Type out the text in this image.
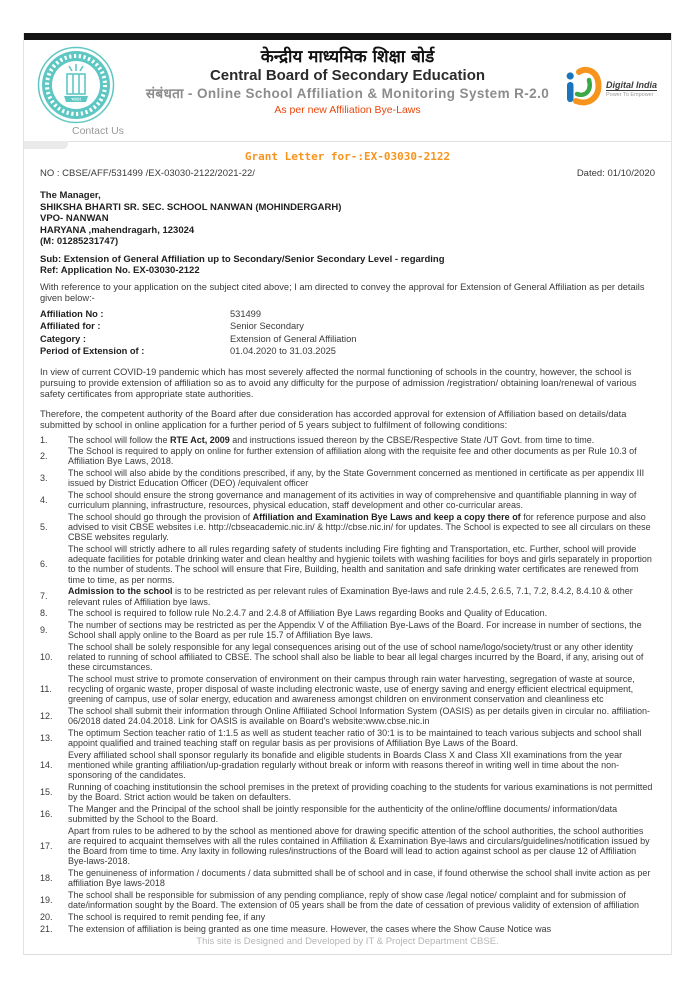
भारत
केन्द्रीय माध्यमिक शिक्षा बोर्ड
Central Board of Secondary Education
संबंधता - Online School Affiliation & Monitoring System R-2.0
As per new Affiliation Bye-Laws
Digital India
Power To Empower
Contact Us
Grant Letter for-:EX-03030-2122
NO : CBSE/AFF/531499 /EX-03030-2122/2021-22/	Dated: 01/10/2020
The Manager,
SHIKSHA BHARTI SR. SEC. SCHOOL NANWAN (MOHINDERGARH)
VPO- NANWAN
HARYANA ,mahendragarh, 123024
(M: 01285231747)
Sub: Extension of General Affiliation up to Secondary/Senior Secondary Level - regarding
Ref: Application No. EX-03030-2122
With reference to your application on the subject cited above; I am directed to convey the approval for Extension of General Affiliation as per details given below:-
Affiliation No :	531499
Affiliated for :	Senior Secondary
Category :	Extension of General Affiliation
Period of Extension of :	01.04.2020 to 31.03.2025
In view of current COVID-19 pandemic which has most severely affected the normal functioning of schools in the country, however, the school is pursuing to provide extension of affiliation so as to avoid any difficulty for the purpose of admission /registration/ obtaining loan/renewal of various safety certificates from appropriate state authorities.
Therefore, the competent authority of the Board after due consideration has accorded approval for extension of Affiliation based on details/data submitted by school in online application for a further period of 5 years subject to fulfilment of following conditions:
1.	The school will follow the RTE Act, 2009 and instructions issued thereon by the CBSE/Respective State /UT Govt. from time to time.
2.
The School is required to apply on online for further extension of affiliation along with the requisite fee and other documents as per Rule 10.3 of Affiliation Bye Laws, 2018.
3.
The school will also abide by the conditions prescribed, if any, by the State Government concerned as mentioned in certificate as per appendix III issued by District Education Officer (DEO) /equivalent officer
4.
The school should ensure the strong governance and management of its activities in way of comprehensive and quantifiable planning in way of curriculum planning, infrastructure, resources, physical education, staff development and other co-curricular areas.
5.
The school should go through the provision of Affiliation and Examination Bye Laws and keep a copy there of for reference purpose and also advised to visit CBSE websites i.e. http://cbseacademic.nic.in/ & http://cbse.nic.in/ for updates. The School is expected to see all circulars on these CBSE websites regularly.
6.
The school will strictly adhere to all rules regarding safety of students including Fire fighting and Transportation, etc. Further, school will provide adequate facilities for potable drinking water and clean healthy and hygienic toilets with washing facilities for boys and girls separately in proportion to the number of students. The school will ensure that Fire, Building, health and sanitation and safe drinking water certificates are renewed from time to time, as per norms.
7.
Admission to the school is to be restricted as per relevant rules of Examination Bye-laws and rule 2.4.5, 2.6.5, 7.1, 7.2, 8.4.2, 8.4.10 & other relevant rules of Affiliation bye laws.
8.	The school is required to follow rule No.2.4.7 and 2.4.8 of Affiliation Bye Laws regarding Books and Quality of Education.
9.
The number of sections may be restricted as per the Appendix V of the Affiliation Bye-Laws of the Board. For increase in number of sections, the School shall apply online to the Board as per rule 15.7 of Affiliation Bye laws.
10.
The school shall be solely responsible for any legal consequences arising out of the use of school name/logo/society/trust or any other identity related to running of school affiliated to CBSE. The school shall also be liable to bear all legal charges incurred by the Board, if any, arising out of these circumstances.
11.
The school must strive to promote conservation of environment on their campus through rain water harvesting, segregation of waste at source, recycling of organic waste, proper disposal of waste including electronic waste, use of energy saving and energy efficient electrical equipment, greening of campus, use of solar energy, education and awareness amongst children on environment conservation and cleanliness etc
12.
The school shall submit their information through Online Affiliated School Information System (OASIS) as per details given in circular no. affiliation-06/2018 dated 24.04.2018. Link for OASIS is available on Board's website:www.cbse.nic.in
13.
The optimum Section teacher ratio of 1:1.5 as well as student teacher ratio of 30:1 is to be maintained to teach various subjects and school shall appoint qualified and trained teaching staff on regular basis as per provisions of Affiliation Bye Laws of the Board.
14.
Every affiliated school shall sponsor regularly its bonafide and eligible students in Boards Class X and Class XII examinations from the year mentioned while granting affiliation/up-gradation regularly without break or inform with reasons thereof in writing well in time about the non-sponsoring of the candidates.
15.
Running of coaching institutionsin the school premises in the pretext of providing coaching to the students for various examinations is not permitted by the Board. Strict action would be taken on defaulters.
16.
The Manger and the Principal of the school shall be jointly responsible for the authenticity of the online/offline documents/ information/data submitted by the School to the Board.
17.
Apart from rules to be adhered to by the school as mentioned above for drawing specific attention of the school authorities, the school authorities are required to acquaint themselves with all the rules contained in Affiliation & Examination Bye-laws and circulars/guidelines/notification issued by the Board from time to time. Any laxity in following rules/instructions of the Board will lead to action against school as per clause 12 of Affiliation Bye-laws-2018.
18.
The genuineness of information / documents / data submitted shall be of school and in case, if found otherwise the school shall invite action as per affiliation Bye laws-2018
19.
The school shall be responsible for submission of any pending compliance, reply of show case /legal notice/ complaint and for submission of date/information sought by the Board. The extension of 05 years shall be from the date of cessation of previous validity of extension of affiliation
20.	The school is required to remit pending fee, if any
21.	The extension of affiliation is being granted as one time measure. However, the cases where the Show Cause Notice was
This site is Designed and Developed by IT & Project Department CBSE.
